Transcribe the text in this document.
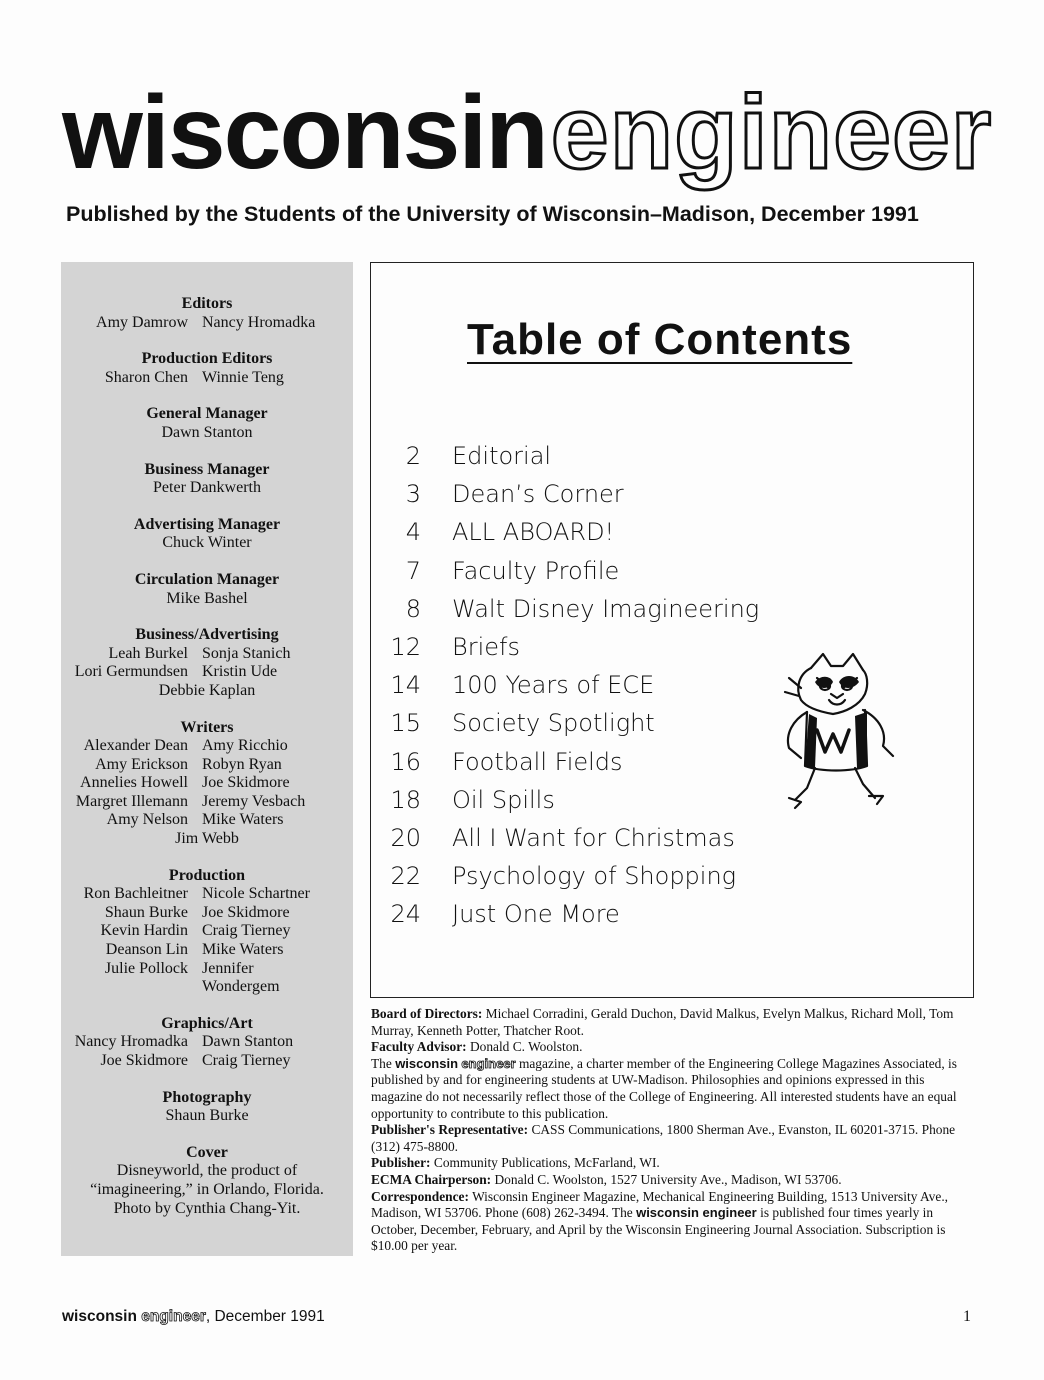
wisconsin engineer
Published by the Students of the University of Wisconsin–Madison, December 1991
Editors
Amy Damrow Nancy Hromadka
Production Editors
Sharon Chen Winnie Teng
General Manager
Dawn Stanton
Business Manager
Peter Dankwerth
Advertising Manager
Chuck Winter
Circulation Manager
Mike Bashel
Business/Advertising
Leah Burkel Sonja Stanich
Lori Germundsen Kristin Ude
Debbie Kaplan
Writers
Alexander Dean Amy Ricchio
Amy Erickson Robyn Ryan
Annelies Howell Joe Skidmore
Margret Illemann Jeremy Vesbach
Amy Nelson Mike Waters
Jim Webb
Production
Ron Bachleitner Nicole Schartner
Shaun Burke Joe Skidmore
Kevin Hardin Craig Tierney
Deanson Lin Mike Waters
Julie Pollock Jennifer
Wondergem
Graphics/Art
Nancy Hromadka Dawn Stanton
Joe Skidmore Craig Tierney
Photography
Shaun Burke
Cover
Disneyworld, the product of
“imagineering,” in Orlando, Florida.
Photo by Cynthia Chang-Yit.
Table of Contents
2	Editorial
3	Dean’s Corner
4	ALL ABOARD!
7	Faculty Profile
8	Walt Disney Imagineering
12	Briefs
14	100 Years of ECE
15	Society Spotlight
16	Football Fields
18	Oil Spills
20	All I Want for Christmas
22	Psychology of Shopping
24	Just One More

Board of Directors: Michael Corradini, Gerald Duchon, David Malkus, Evelyn Malkus, Richard Moll, Tom Murray, Kenneth Potter, Thatcher Root.

Faculty Advisor: Donald C. Woolston.

The wisconsin engineer magazine, a charter member of the Engineering College Magazines Associated, is published by and for engineering students at UW-Madison. Philosophies and opinions expressed in this magazine do not necessarily reflect those of the College of Engineering. All interested students have an equal opportunity to contribute to this publication.

Publisher's Representative: CASS Communications, 1800 Sherman Ave., Evanston, IL 60201-3715. Phone (312) 475-8800.

Publisher: Community Publications, McFarland, WI.

ECMA Chairperson: Donald C. Woolston, 1527 University Ave., Madison, WI 53706.

Correspondence: Wisconsin Engineer Magazine, Mechanical Engineering Building, 1513 University Ave., Madison, WI 53706. Phone (608) 262-3494. The wisconsin engineer is published four times yearly in October, December, February, and April by the Wisconsin Engineering Journal Association. Subscription is $10.00 per year.

wisconsin engineer, December 1991	1
